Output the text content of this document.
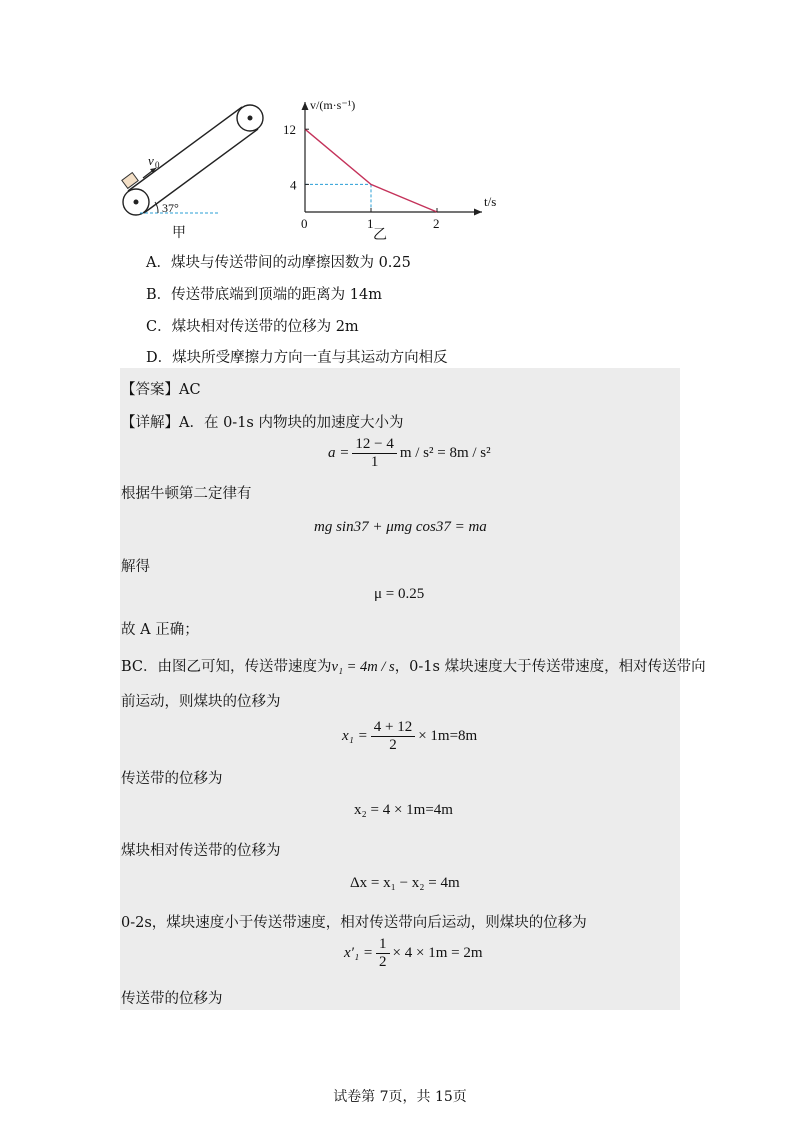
v 0
37°
甲
v/(m·s⁻¹)
t/s
0	1	2
4
12
乙
A．煤块与传送带间的动摩擦因数为 0.25
B．传送带底端到顶端的距离为 14m
C．煤块相对传送带的位移为 2m
D．煤块所受摩擦力方向一直与其运动方向相反
【答案】AC
【详解】A．在 0-1s 内物块的加速度大小为
$a = \frac{12 - 4}{1}$ m / s² = 8m / s²
根据牛顿第二定律有
mg sin37 + μmg cos37 = ma
解得
μ = 0.25
故 A 正确；
BC．由图乙可知，传送带速度为v₁ = 4m / s，0-1s 煤块速度大于传送带速度，相对传送带向
前运动，则煤块的位移为
$x_1 = \frac{4 + 12}{2} \times 1m=8m$
传送带的位移为
x₂ = 4 × 1m=4m
煤块相对传送带的位移为
Δx = x₁ − x₂ = 4m
0-2s，煤块速度小于传送带速度，相对传送带向后运动，则煤块的位移为
$x'_1 = \frac{1}{2} \times 4 \times 1m = 2m$
传送带的位移为
试卷第 7页，共 15页
